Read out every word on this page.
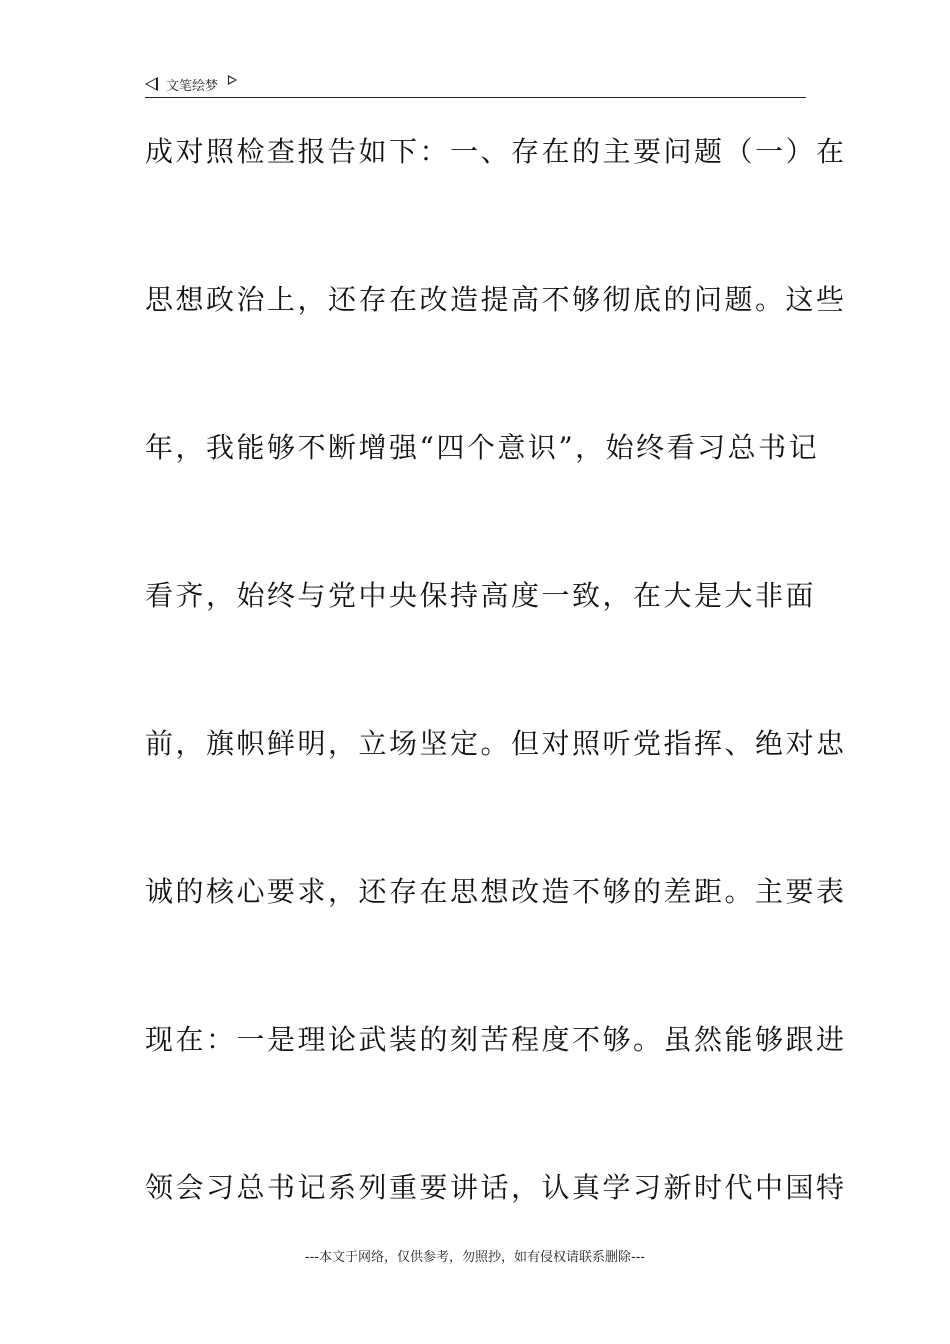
文笔绘梦
成对照检查报告如下：一、存在的主要问题（一）在
思想政治上，还存在改造提高不够彻底的问题。这些
年，我能够不断增强“四个意识”，始终看习总书记
看齐，始终与党中央保持高度一致，在大是大非面
前，旗帜鲜明，立场坚定。但对照听党指挥、绝对忠
诚的核心要求，还存在思想改造不够的差距。主要表
现在：一是理论武装的刻苦程度不够。虽然能够跟进
领会习总书记系列重要讲话，认真学习新时代中国特
---本文于网络，仅供参考，勿照抄，如有侵权请联系删除---
